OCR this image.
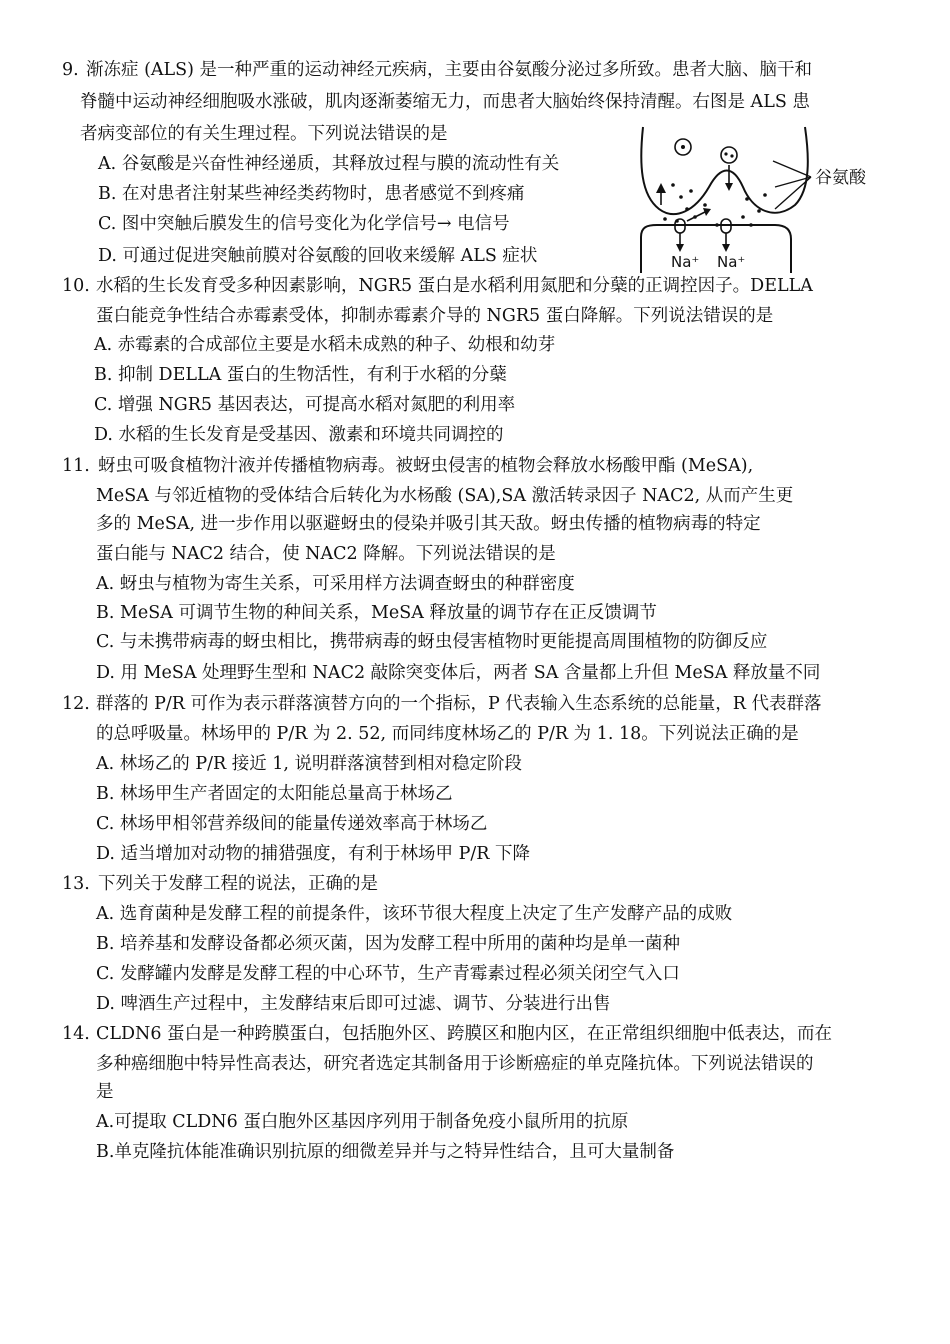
9. 渐冻症 (ALS) 是一种严重的运动神经元疾病，主要由谷氨酸分泌过多所致。患者大脑、脑干和
脊髓中运动神经细胞吸水涨破，肌肉逐渐萎缩无力，而患者大脑始终保持清醒。右图是 ALS 患
者病变部位的有关生理过程。下列说法错误的是
A. 谷氨酸是兴奋性神经递质，其释放过程与膜的流动性有关
B. 在对患者注射某些神经类药物时，患者感觉不到疼痛
C. 图中突触后膜发生的信号变化为化学信号→ 电信号
D. 可通过促进突触前膜对谷氨酸的回收来缓解 ALS 症状
谷氨酸
Na⁺ Na⁺
10. 水稻的生长发育受多种因素影响，NGR5 蛋白是水稻利用氮肥和分蘖的正调控因子。DELLA
蛋白能竞争性结合赤霉素受体，抑制赤霉素介导的 NGR5 蛋白降解。下列说法错误的是
A. 赤霉素的合成部位主要是水稻未成熟的种子、幼根和幼芽
B. 抑制 DELLA 蛋白的生物活性，有利于水稻的分蘖
C. 增强 NGR5 基因表达，可提高水稻对氮肥的利用率
D. 水稻的生长发育是受基因、激素和环境共同调控的
11. 蚜虫可吸食植物汁液并传播植物病毒。被蚜虫侵害的植物会释放水杨酸甲酯 (MeSA),
MeSA 与邻近植物的受体结合后转化为水杨酸 (SA),SA 激活转录因子 NAC2, 从而产生更
多的 MeSA, 进一步作用以驱避蚜虫的侵染并吸引其天敌。蚜虫传播的植物病毒的特定
蛋白能与 NAC2 结合，使 NAC2 降解。下列说法错误的是
A. 蚜虫与植物为寄生关系，可采用样方法调查蚜虫的种群密度
B. MeSA 可调节生物的种间关系，MeSA 释放量的调节存在正反馈调节
C. 与未携带病毒的蚜虫相比，携带病毒的蚜虫侵害植物时更能提高周围植物的防御反应
D. 用 MeSA 处理野生型和 NAC2 敲除突变体后，两者 SA 含量都上升但 MeSA 释放量不同
12. 群落的 P/R 可作为表示群落演替方向的一个指标，P 代表输入生态系统的总能量，R 代表群落
的总呼吸量。林场甲的 P/R 为 2. 52, 而同纬度林场乙的 P/R 为 1. 18。下列说法正确的是
A. 林场乙的 P/R 接近 1, 说明群落演替到相对稳定阶段
B. 林场甲生产者固定的太阳能总量高于林场乙
C. 林场甲相邻营养级间的能量传递效率高于林场乙
D. 适当增加对动物的捕猎强度，有利于林场甲 P/R 下降
13. 下列关于发酵工程的说法，正确的是
A. 选育菌种是发酵工程的前提条件，该环节很大程度上决定了生产发酵产品的成败
B. 培养基和发酵设备都必须灭菌，因为发酵工程中所用的菌种均是单一菌种
C. 发酵罐内发酵是发酵工程的中心环节，生产青霉素过程必须关闭空气入口
D. 啤酒生产过程中，主发酵结束后即可过滤、调节、分装进行出售
14. CLDN6 蛋白是一种跨膜蛋白，包括胞外区、跨膜区和胞内区，在正常组织细胞中低表达，而在
多种癌细胞中特异性高表达，研究者选定其制备用于诊断癌症的单克隆抗体。下列说法错误的
是
A.可提取 CLDN6 蛋白胞外区基因序列用于制备免疫小鼠所用的抗原
B.单克隆抗体能准确识别抗原的细微差异并与之特异性结合，且可大量制备
